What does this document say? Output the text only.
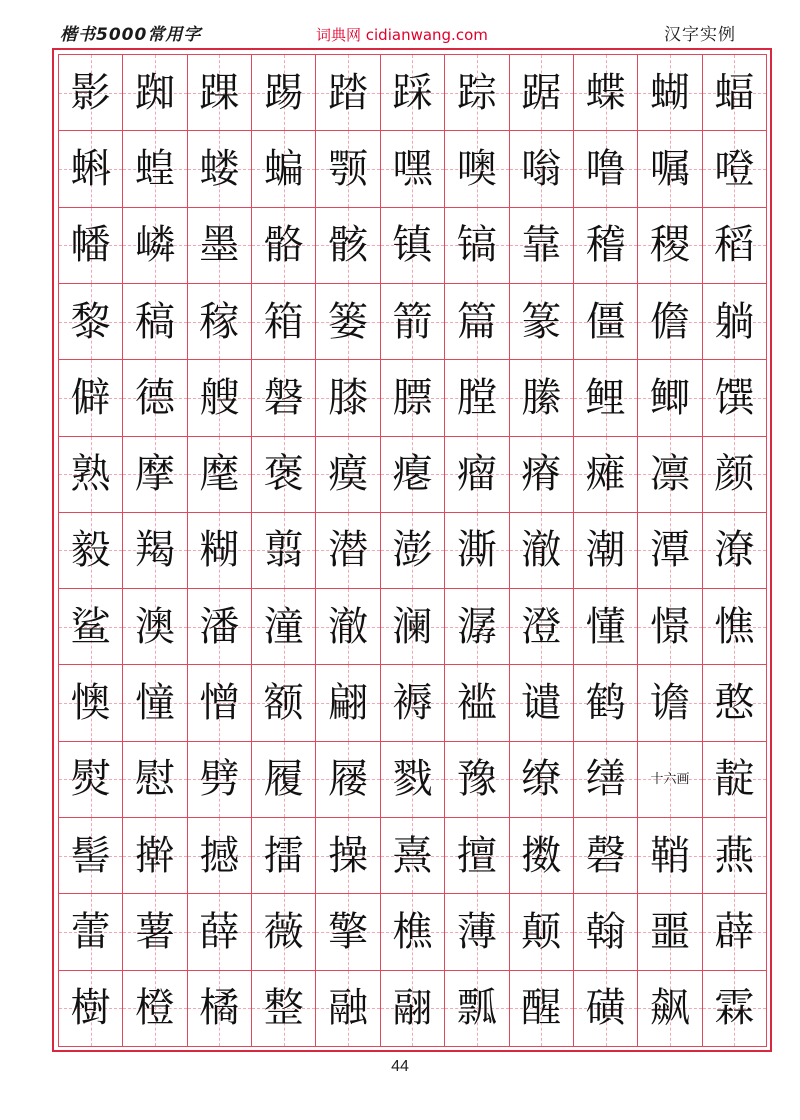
楷书5000常用字	词典网 cidianwang.com	汉字实例
影 踟 踝 踢 踏 踩 踪 踞 蝶 蝴 蝠
蝌 蝗 蝼 蝙 颚 嘿 噢 嗡 噜 嘱 噔
幡 嶙 墨 骼 骸 镇 镐 靠 稽 稷 稻
黎 稿 稼 箱 篓 箭 篇 篆 僵 儋 躺
僻 德 艘 磐 膝 膘 膛 縢 鲤 鲫 馔
熟 摩 麾 褒 瘼 瘪 瘤 瘠 瘫 凛 颜
毅 羯 糊 翦 潜 澎 澌 澈 潮 潭 潦
鲨 澳 潘 潼 澈 澜 潺 澄 懂 憬 憔
懊 憧 憎 额 翩 褥 褴 谴 鹤 谵 憨
熨 慰 劈 履 屦 戮 豫 缭 缮 十六画 靛
髻 擀 撼 擂 操 熹 擅 擞 磬 鞘 燕
蕾 薯 薛 薇 擎 樵 薄 颠 翰 噩 薜
樹 橙 橘 整 融 翮 瓢 醒 磺 飙 霖
44
